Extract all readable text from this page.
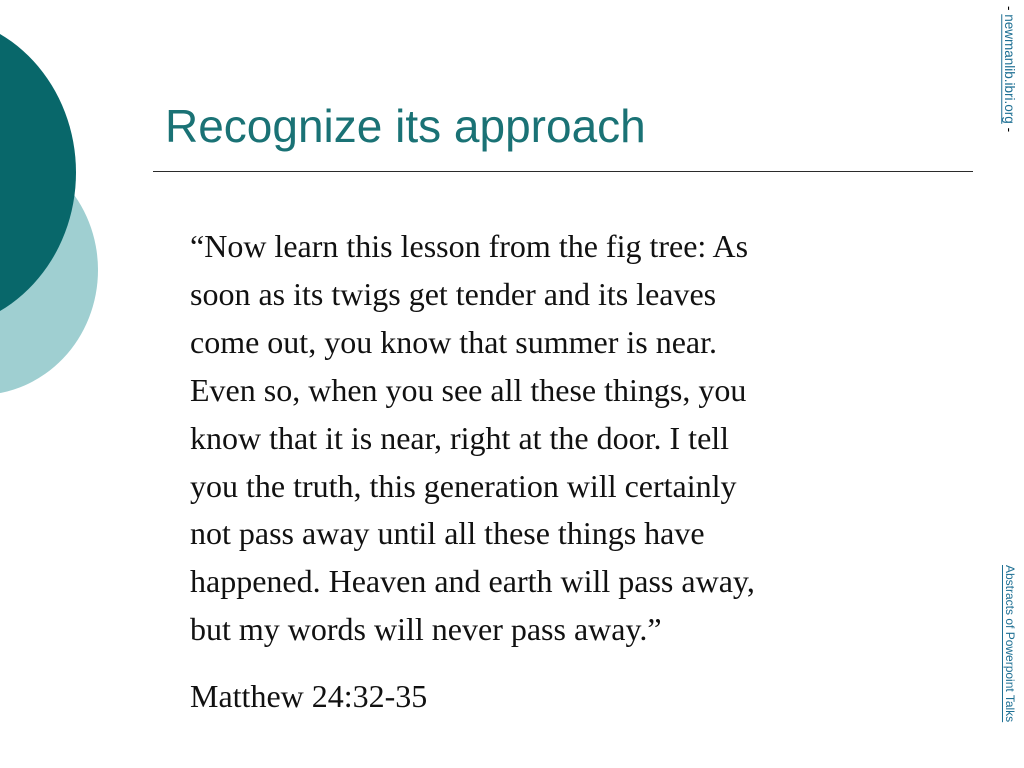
Recognize its approach

“Now learn this lesson from the fig tree: As
soon as its twigs get tender and its leaves
come out, you know that summer is near.
Even so, when you see all these things, you
know that it is near, right at the door. I tell
you the truth, this generation will certainly
not pass away until all these things have
happened. Heaven and earth will pass away,
but my words will never pass away.”

Matthew 24:32-35

- newmanlib.ibri.org -
Abstracts of Powerpoint Talks
